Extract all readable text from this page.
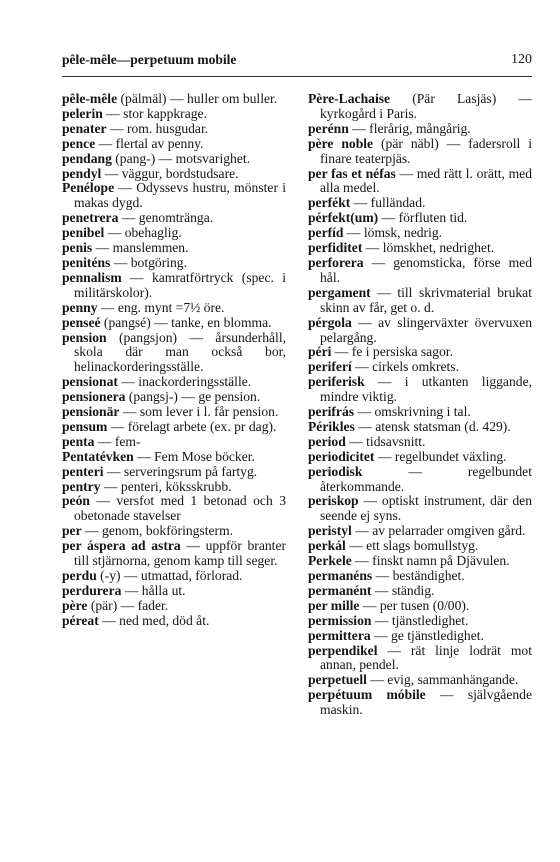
pêle-mêle—perpetuum mobile	120

pêle-mêle (pälmäl) — huller om buller.

pelerin — stor kappkrage.

penater — rom. husgudar.

pence — flertal av penny.

pendang (pang-) — motsvarighet.

pendyl — väggur, bordstudsare.

Penélope — Odyssevs hustru, mönster i makas dygd.

penetrera — genomtränga.

penibel — obehaglig.

penis — manslemmen.

peniténs — botgöring.

pennalism — kamratförtryck (spec. i militärskolor).

penny — eng. mynt =7½ öre.

penseé (pangsé) — tanke, en blomma.

pension (pangsjon) — årsunderhåll, skola där man också bor, helinackorderingsställe.

pensionat — inackorderingsställe.

pensionera (pangsj-) — ge pension.

pensionär — som lever i l. får pension.

pensum — förelagt arbete (ex. pr dag).

penta — fem-

Pentatévken — Fem Mose böcker.

penteri — serveringsrum på fartyg.

pentry — penteri, köksskrubb.

peón — versfot med 1 betonad och 3 obetonade stavelser

per — genom, bokföringsterm.

per áspera ad astra — uppför branter till stjärnorna, genom kamp till seger.

perdu (-y) — utmattad, förlorad.

perdurera — hålla ut.

père (pär) — fader.

péreat — ned med, död åt.

Père-Lachaise (Pär Lasjäs) — kyrkogård i Paris.

perénn — flerårig, mångårig.

père noble (pär näbl) — fadersroll i finare teaterpjäs.

per fas et néfas — med rätt l. orätt, med alla medel.

perfékt — fulländad.

pérfekt(um) — förfluten tid.

perfíd — lömsk, nedrig.

perfiditet — lömskhet, nedrighet.

perforera — genomsticka, förse med hål.

pergament — till skrivmaterial brukat skinn av får, get o. d.

pérgola — av slingerväxter övervuxen pelargång.

péri — fe i persiska sagor.

periferí — cirkels omkrets.

periferisk — i utkanten liggande, mindre viktig.

perifrás — omskrivning i tal.

Périkles — atensk statsman (d. 429).

period — tidsavsnitt.

periodicitet — regelbundet växling.

periodisk — regelbundet återkommande.

periskop — optiskt instrument, där den seende ej syns.

peristyl — av pelarrader omgiven gård.

perkál — ett slags bomullstyg.

Perkele — finskt namn på Djävulen.

permanéns — beständighet.

permanént — ständig.

per mille — per tusen (0/00).

permission — tjänstledighet.

permittera — ge tjänstledighet.

perpendikel — rät linje lodrät mot annan, pendel.

perpetuell — evig, sammanhängande.

perpétuum móbile — självgående maskin.
